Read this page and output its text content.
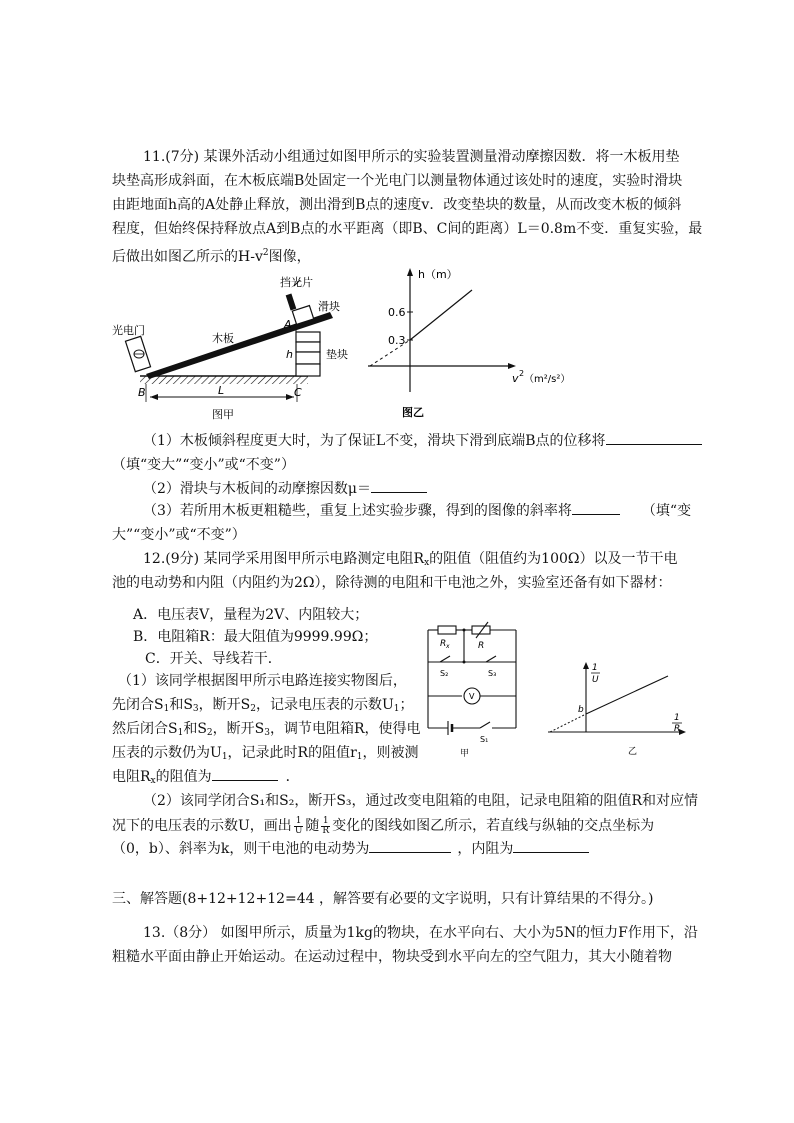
11.(7分) 某课外活动小组通过如图甲所示的实验装置测量滑动摩擦因数．将一木板用垫
块垫高形成斜面，在木板底端B处固定一个光电门以测量物体通过该处时的速度，实验时滑块
由距地面h高的A处静止释放，测出滑到B点的速度v．改变垫块的数量，从而改变木板的倾斜
程度，但始终保持释放点A到B点的水平距离（即B、C间的距离）L＝0.8m不变．重复实验，最
后做出如图乙所示的$H-v^2$图像，
光电门
挡光片
滑块
木板
垫块
A
B	C
h
L
图甲
h（m）
0.6
0.3
v 2
（m²/s²）
图乙
（1）木板倾斜程度更大时，为了保证L不变，滑块下滑到底端B点的位移将
（填“变大”“变小”或“不变”）
（2）滑块与木板间的动摩擦因数μ＝
（3）若所用木板更粗糙些，重复上述实验步骤，得到的图像的斜率将	（填“变
大”“变小”或“不变”）
12.(9分) 某同学采用图甲所示电路测定电阻$R_x$的阻值（阻值约为100Ω）以及一节干电
池的电动势和内阻（内阻约为2Ω），除待测的电阻和干电池之外，实验室还备有如下器材：
A．电压表V，量程为2V、内阻较大；
B．电阻箱R：最大阻值为9999.99Ω；
C．开关、导线若干．
（1）该同学根据图甲所示电路连接实物图后，
先闭合$S_1$和$S_3$，断开$S_2$，记录电压表的示数$U_1$；
然后闭合$S_1$和$S_2$，断开$S_3$，调节电阻箱R，使得电
压表的示数仍为$U_1$，记录此时R的阻值$r_1$，则被测
电阻$R_x$的阻值为	．
R x	R
S₂	S₃
V
S₁
甲
1
U
1
R
b
乙
（2）该同学闭合S₁和S₂，断开S₃，通过改变电阻箱的电阻，记录电阻箱的阻值R和对应情
况下的电压表的示数U，画出 $\frac{1}{U}$ 随 $\frac{1}{R}$ 变化的图线如图乙所示，若直线与纵轴的交点坐标为
（0，b）、斜率为k，则干电池的电动势为	，内阻为
三、解答题(8+12+12+12=44 ，解答要有必要的文字说明，只有计算结果的不得分。)
13.（8分） 如图甲所示，质量为1kg的物块，在水平向右、大小为5N的恒力F作用下，沿
粗糙水平面由静止开始运动。在运动过程中，物块受到水平向左的空气阻力，其大小随着物
